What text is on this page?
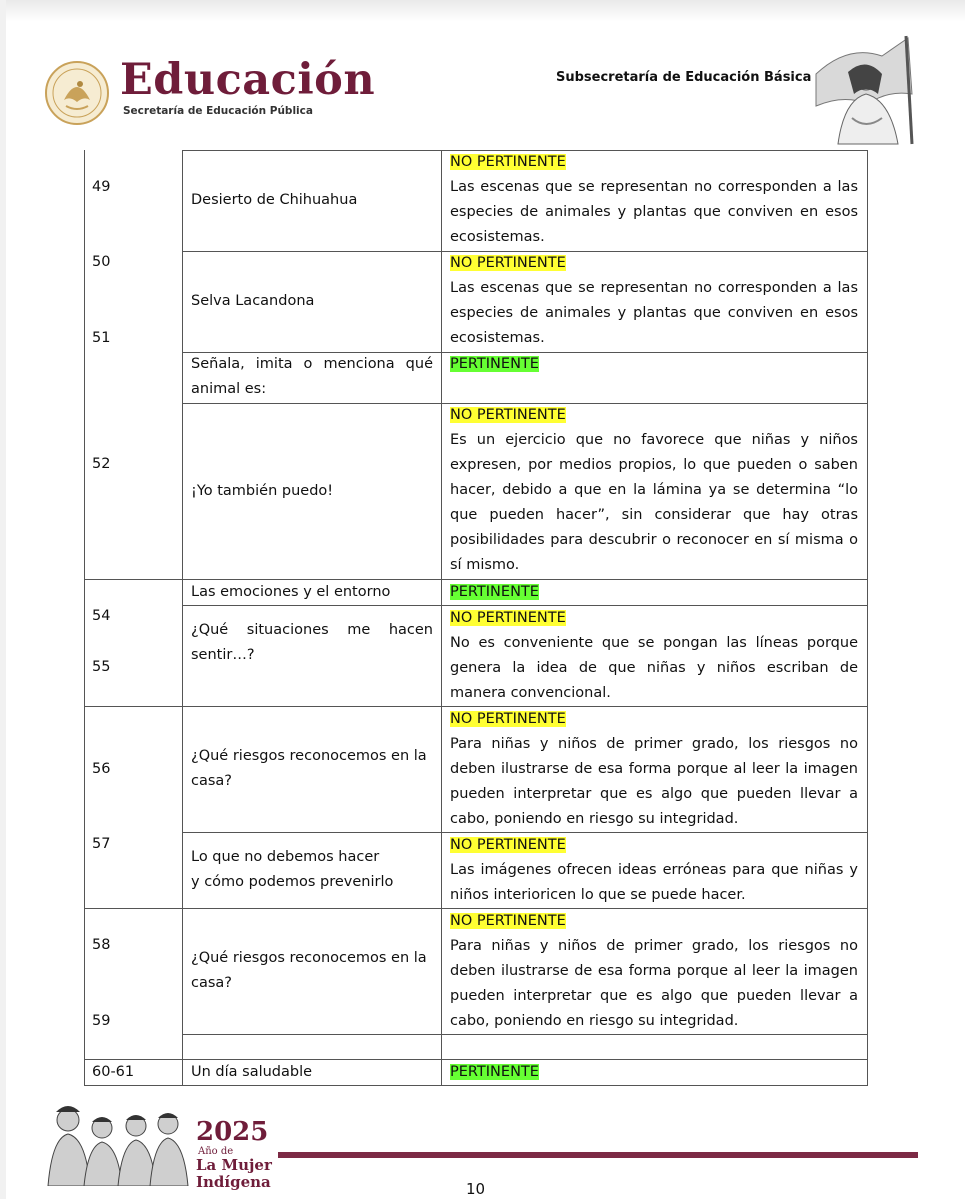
Educación
Secretaría de Educación Pública
Subsecretaría de Educación Básica
49
50
51
52
54
55
56
57
58
59
60-61
Desierto de Chihuahua
Selva Lacandona
Señala, imita o menciona qué animal es:
¡Yo también puedo!
Las emociones y el entorno
¿Qué situaciones me hacen sentir…?
¿Qué riesgos reconocemos en la casa?
Lo que no debemos hacer
y cómo podemos prevenirlo
¿Qué riesgos reconocemos en la casa?
Un día saludable
NO PERTINENTE
Las escenas que se representan no corresponden a las especies de animales y plantas que conviven en esos ecosistemas.
NO PERTINENTE
Las escenas que se representan no corresponden a las especies de animales y plantas que conviven en esos ecosistemas.
PERTINENTE
NO PERTINENTE
Es un ejercicio que no favorece que niñas y niños expresen, por medios propios, lo que pueden o saben hacer, debido a que en la lámina ya se determina “lo que pueden hacer”, sin considerar que hay otras posibilidades para descubrir o reconocer en sí misma o sí mismo.
PERTINENTE
NO PERTINENTE
No es conveniente que se pongan las líneas porque genera la idea de que niñas y niños escriban de manera convencional.
NO PERTINENTE
Para niñas y niños de primer grado, los riesgos no deben ilustrarse de esa forma porque al leer la imagen pueden interpretar que es algo que pueden llevar a cabo, poniendo en riesgo su integridad.
NO PERTINENTE
Las imágenes ofrecen ideas erróneas para que niñas y niños interioricen lo que se puede hacer.
NO PERTINENTE
Para niñas y niños de primer grado, los riesgos no deben ilustrarse de esa forma porque al leer la imagen pueden interpretar que es algo que pueden llevar a cabo, poniendo en riesgo su integridad.
PERTINENTE
2025
Año de
La Mujer
Indígena	10
